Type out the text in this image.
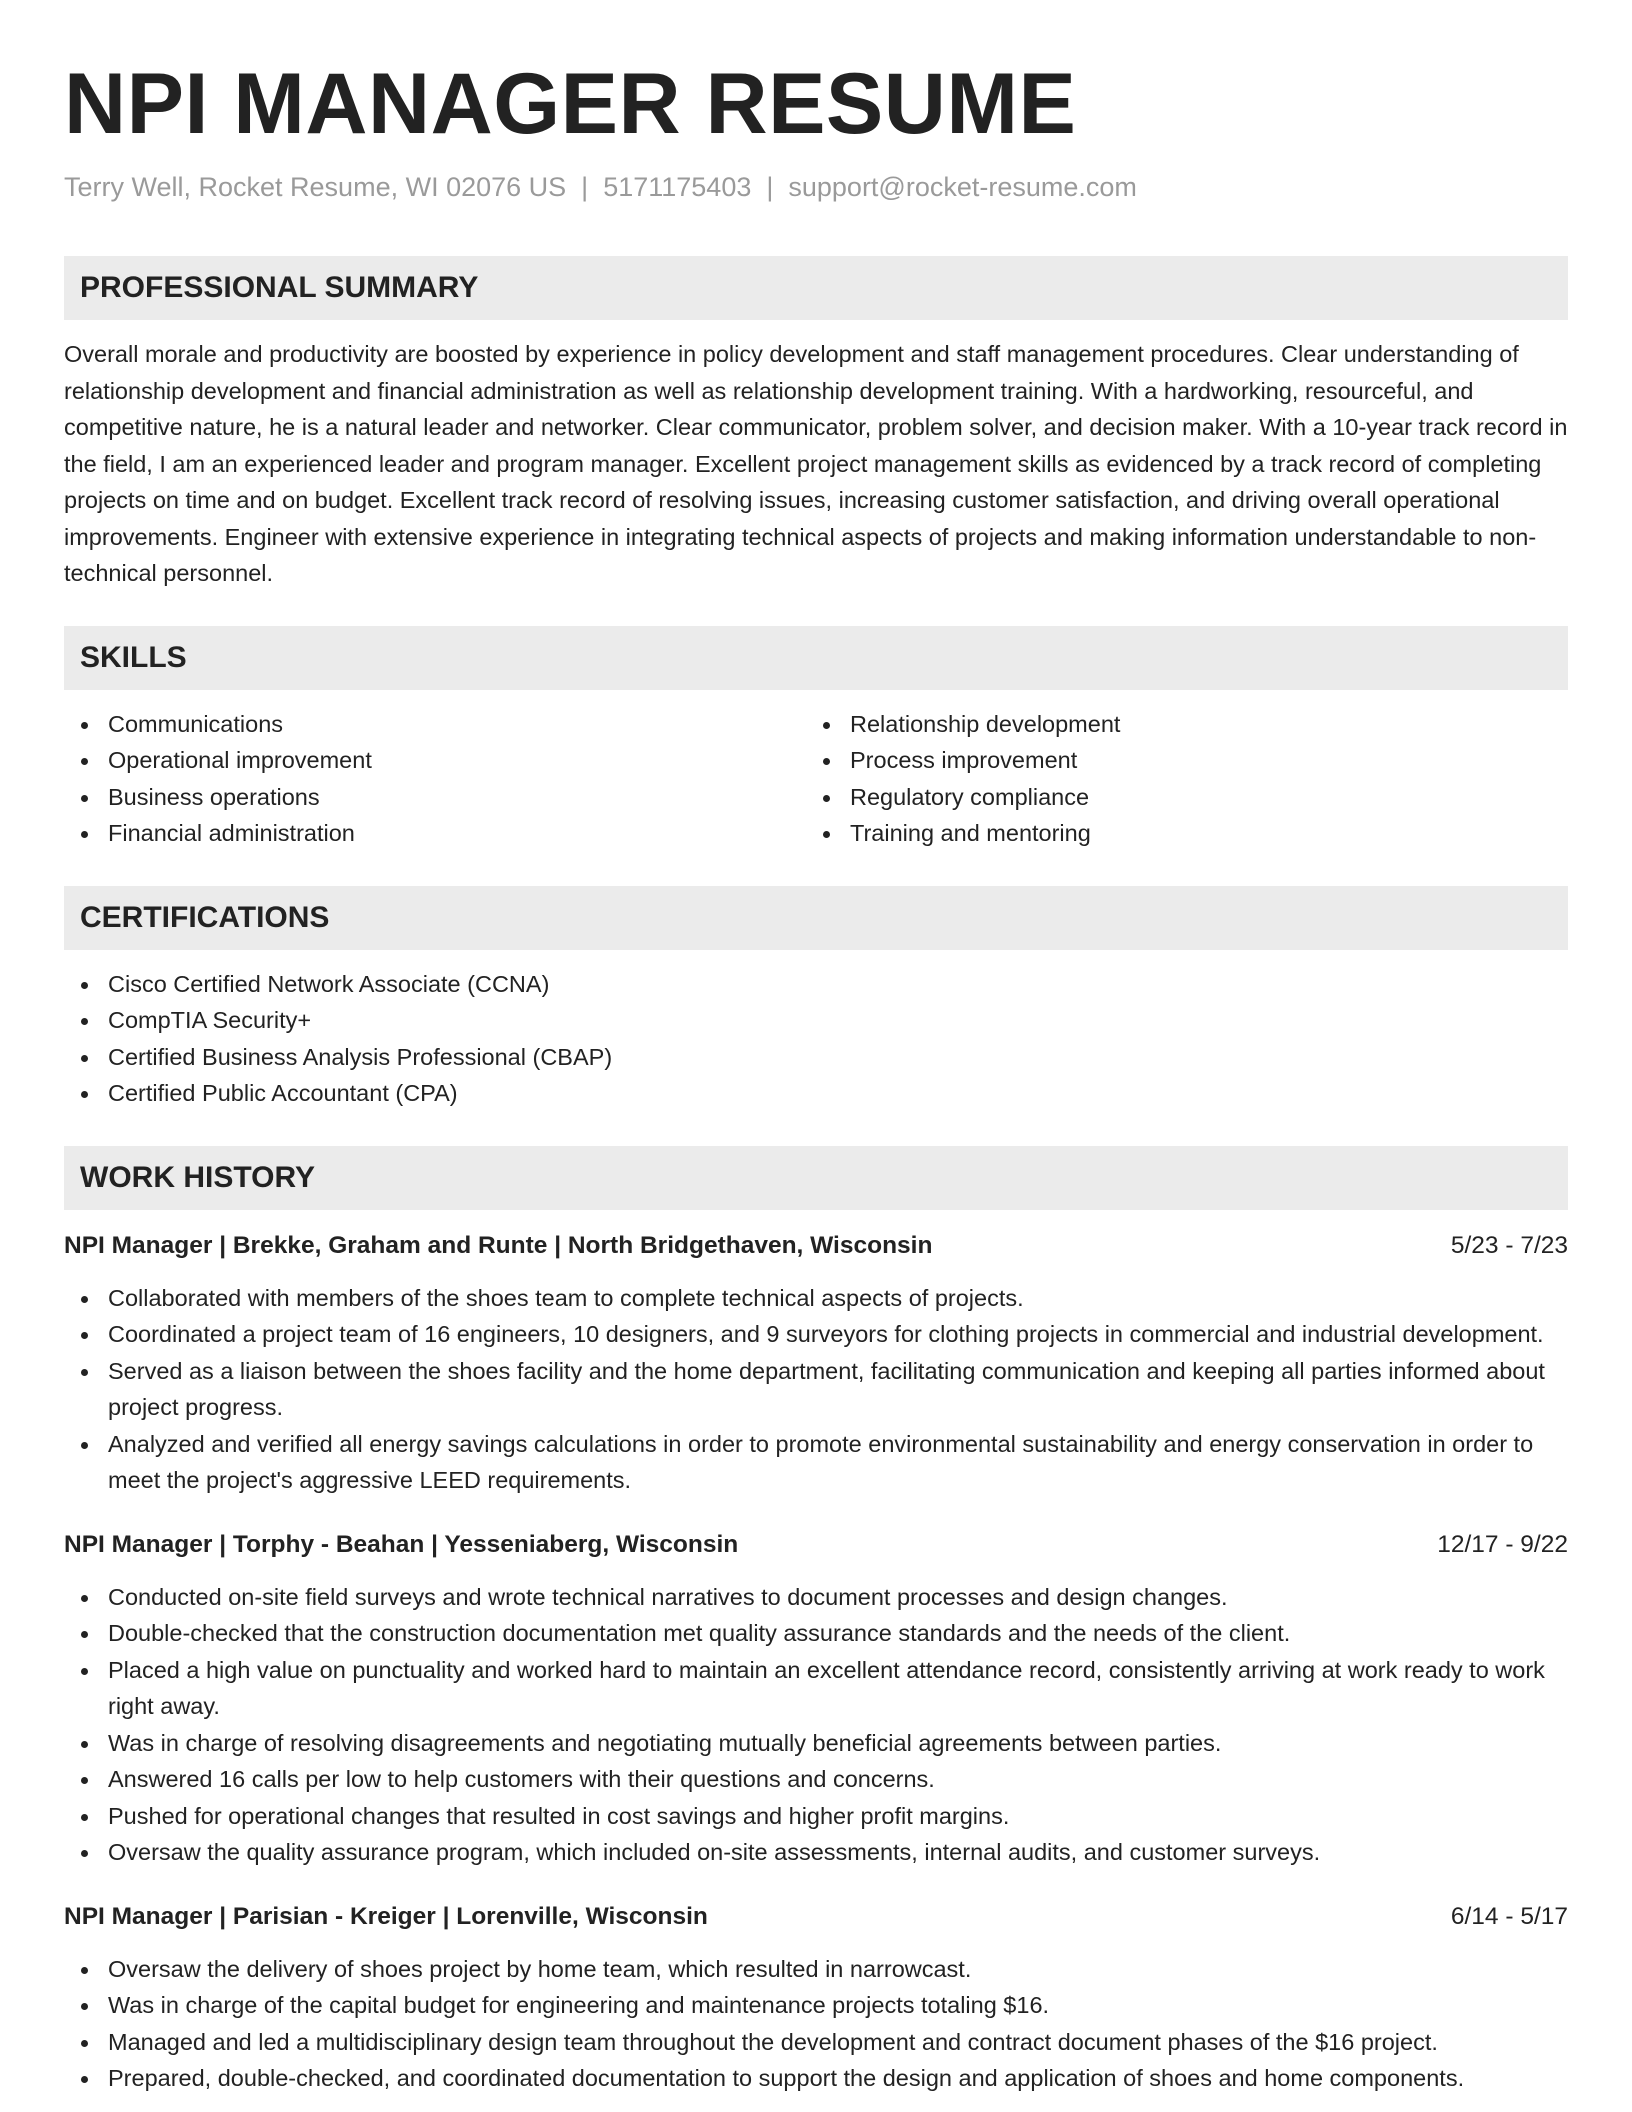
NPI MANAGER RESUME
Terry Well, Rocket Resume, WI 02076 US | 5171175403 | support@rocket-resume.com
PROFESSIONAL SUMMARY

Overall morale and productivity are boosted by experience in policy development and staff management procedures. Clear understanding of relationship development and financial administration as well as relationship development training. With a hardworking, resourceful, and competitive nature, he is a natural leader and networker. Clear communicator, problem solver, and decision maker. With a 10-year track record in the field, I am an experienced leader and program manager. Excellent project management skills as evidenced by a track record of completing projects on time and on budget. Excellent track record of resolving issues, increasing customer satisfaction, and driving overall operational improvements. Engineer with extensive experience in integrating technical aspects of projects and making information understandable to non-technical personnel.

SKILLS
Communications
Operational improvement
Business operations
Financial administration
Relationship development
Process improvement
Regulatory compliance
Training and mentoring
CERTIFICATIONS
Cisco Certified Network Associate (CCNA)
CompTIA Security+
Certified Business Analysis Professional (CBAP)
Certified Public Accountant (CPA)
WORK HISTORY
NPI Manager | Brekke, Graham and Runte | North Bridgethaven, Wisconsin	5/23 - 7/23
Collaborated with members of the shoes team to complete technical aspects of projects.
Coordinated a project team of 16 engineers, 10 designers, and 9 surveyors for clothing projects in commercial and industrial development.
Served as a liaison between the shoes facility and the home department, facilitating communication and keeping all parties informed about project progress.
Analyzed and verified all energy savings calculations in order to promote environmental sustainability and energy conservation in order to meet the project's aggressive LEED requirements.
NPI Manager | Torphy - Beahan | Yesseniaberg, Wisconsin	12/17 - 9/22
Conducted on-site field surveys and wrote technical narratives to document processes and design changes.
Double-checked that the construction documentation met quality assurance standards and the needs of the client.
Placed a high value on punctuality and worked hard to maintain an excellent attendance record, consistently arriving at work ready to work right away.
Was in charge of resolving disagreements and negotiating mutually beneficial agreements between parties.
Answered 16 calls per low to help customers with their questions and concerns.
Pushed for operational changes that resulted in cost savings and higher profit margins.
Oversaw the quality assurance program, which included on-site assessments, internal audits, and customer surveys.
NPI Manager | Parisian - Kreiger | Lorenville, Wisconsin	6/14 - 5/17
Oversaw the delivery of shoes project by home team, which resulted in narrowcast.
Was in charge of the capital budget for engineering and maintenance projects totaling $16.
Managed and led a multidisciplinary design team throughout the development and contract document phases of the $16 project.
Prepared, double-checked, and coordinated documentation to support the design and application of shoes and home components.
